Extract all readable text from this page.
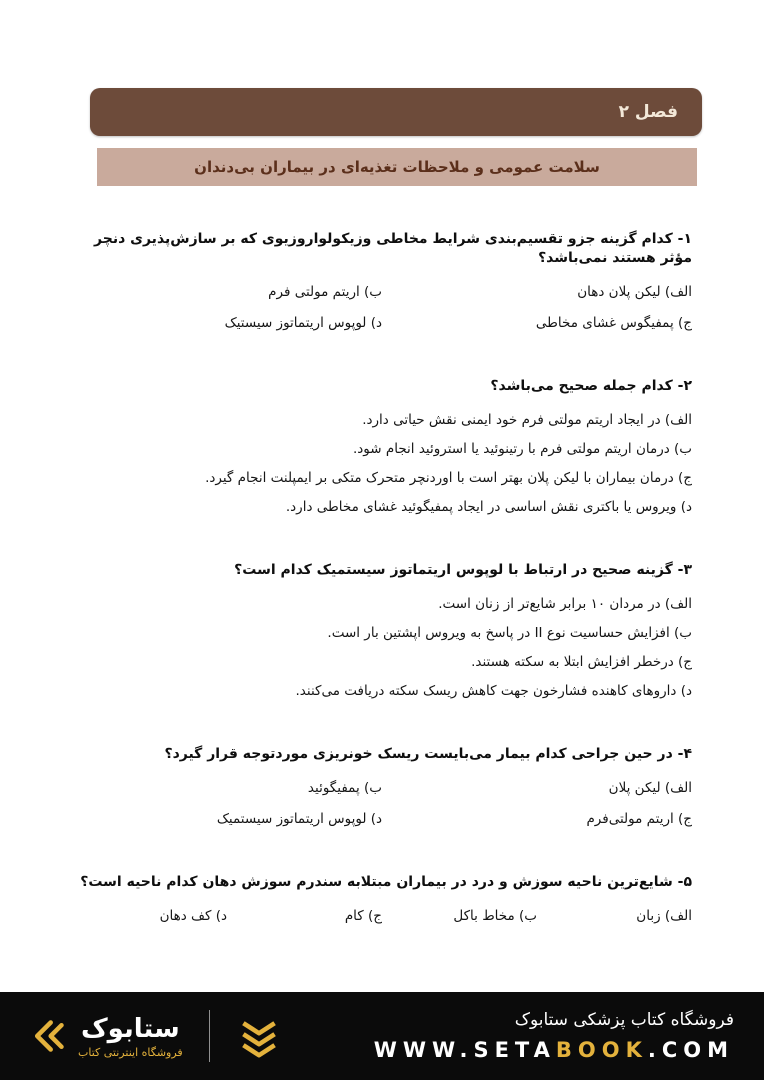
فصل ۲
سلامت عمومی و ملاحظات تغذیه‌ای در بیماران بی‌دندان

۱- کدام گزینه جزو تقسیم‌بندی شرایط مخاطی وزیکولواروزیوی که بر سازش‌پذیری دنچر مؤثر هستند نمی‌باشد؟

الف) لیکن پلان دهان
ب) اریتم مولتی فرم
ج) پمفیگوس غشای مخاطی
د) لوپوس اریتماتوز سیستیک

۲- کدام جمله صحیح می‌باشد؟

الف) در ایجاد اریتم مولتی فرم خود ایمنی نقش حیاتی دارد.
ب) درمان اریتم مولتی فرم با رتینوئید یا استروئید انجام شود.
ج) درمان بیماران با لیکن پلان بهتر است با اوردنچر متحرک متکی بر ایمپلنت انجام گیرد.
د) ویروس یا باکتری نقش اساسی در ایجاد پمفیگوئید غشای مخاطی دارد.

۳- گزینه صحیح در ارتباط با لوپوس اریتماتوز سیستمیک کدام است؟

الف) در مردان ۱۰ برابر شایع‌تر از زنان است.
ب) افزایش حساسیت نوع II در پاسخ به ویروس اپشتین بار است.
ج) درخطر افزایش ابتلا به سکته هستند.
د) داروهای کاهنده فشارخون جهت کاهش ریسک سکته دریافت می‌کنند.

۴- در حین جراحی کدام بیمار می‌بایست ریسک خونریزی موردتوجه قرار گیرد؟

الف) لیکن پلان
ب) پمفیگوئید
ج) اریتم مولتی‌فرم
د) لوپوس اریتماتوز سیستمیک

۵- شایع‌ترین ناحیه سوزش و درد در بیماران مبتلابه سندرم سوزش دهان کدام ناحیه است؟

الف) زبان
ب) مخاط باکل
ج) کام
د) کف دهان
ستابوک
فروشگاه اینترنتی کتاب
فروشگاه کتاب پزشکی ستابوک
WWW.SETABOOK.COM
